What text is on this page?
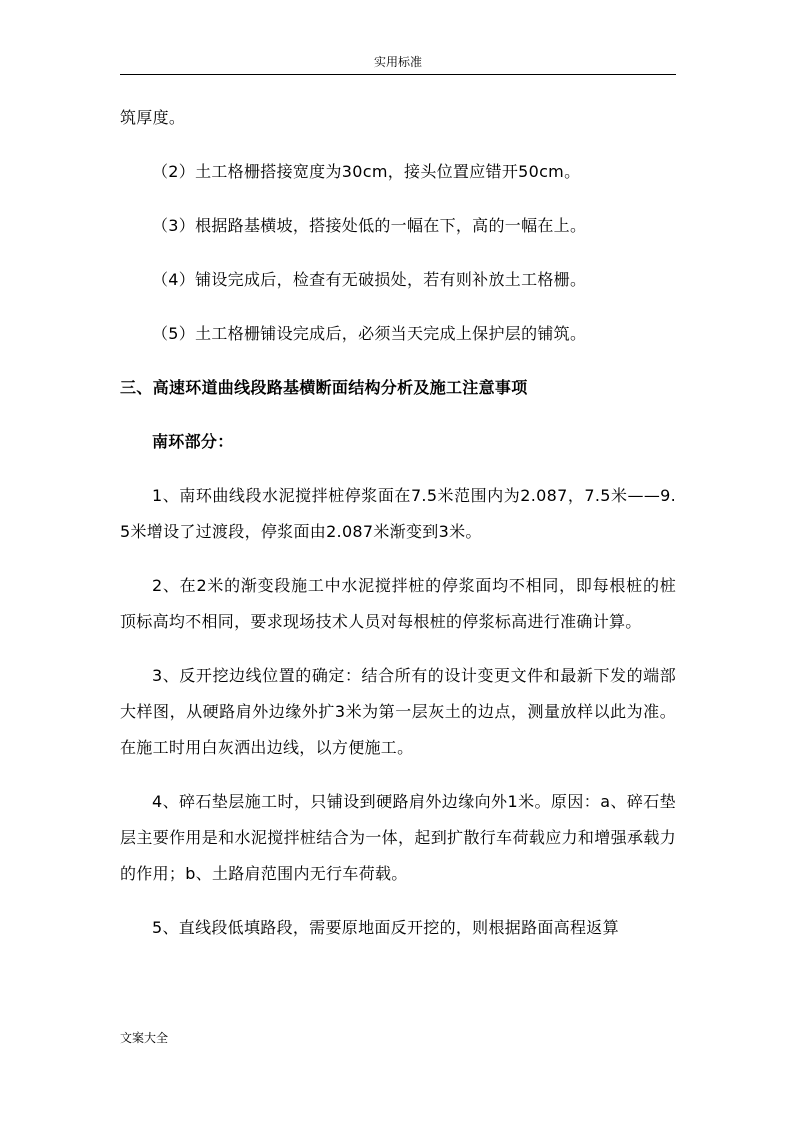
实用标准

筑厚度。

（2）土工格栅搭接宽度为30cm，接头位置应错开50cm。

（3）根据路基横坡，搭接处低的一幅在下，高的一幅在上。

（4）铺设完成后，检查有无破损处，若有则补放土工格栅。

（5）土工格栅铺设完成后，必须当天完成上保护层的铺筑。

三、高速环道曲线段路基横断面结构分析及施工注意事项

南环部分：

1、南环曲线段水泥搅拌桩停浆面在7.5米范围内为2.087，7.5米——9.5米增设了过渡段，停浆面由2.087米渐变到3米。

2、在2米的渐变段施工中水泥搅拌桩的停浆面均不相同，即每根桩的桩顶标高均不相同，要求现场技术人员对每根桩的停浆标高进行准确计算。

3、反开挖边线位置的确定：结合所有的设计变更文件和最新下发的端部大样图，从硬路肩外边缘外扩3米为第一层灰土的边点，测量放样以此为准。在施工时用白灰洒出边线，以方便施工。

4、碎石垫层施工时，只铺设到硬路肩外边缘向外1米。原因：a、碎石垫层主要作用是和水泥搅拌桩结合为一体，起到扩散行车荷载应力和增强承载力的作用；b、土路肩范围内无行车荷载。

5、直线段低填路段，需要原地面反开挖的，则根据路面高程返算

文案大全
